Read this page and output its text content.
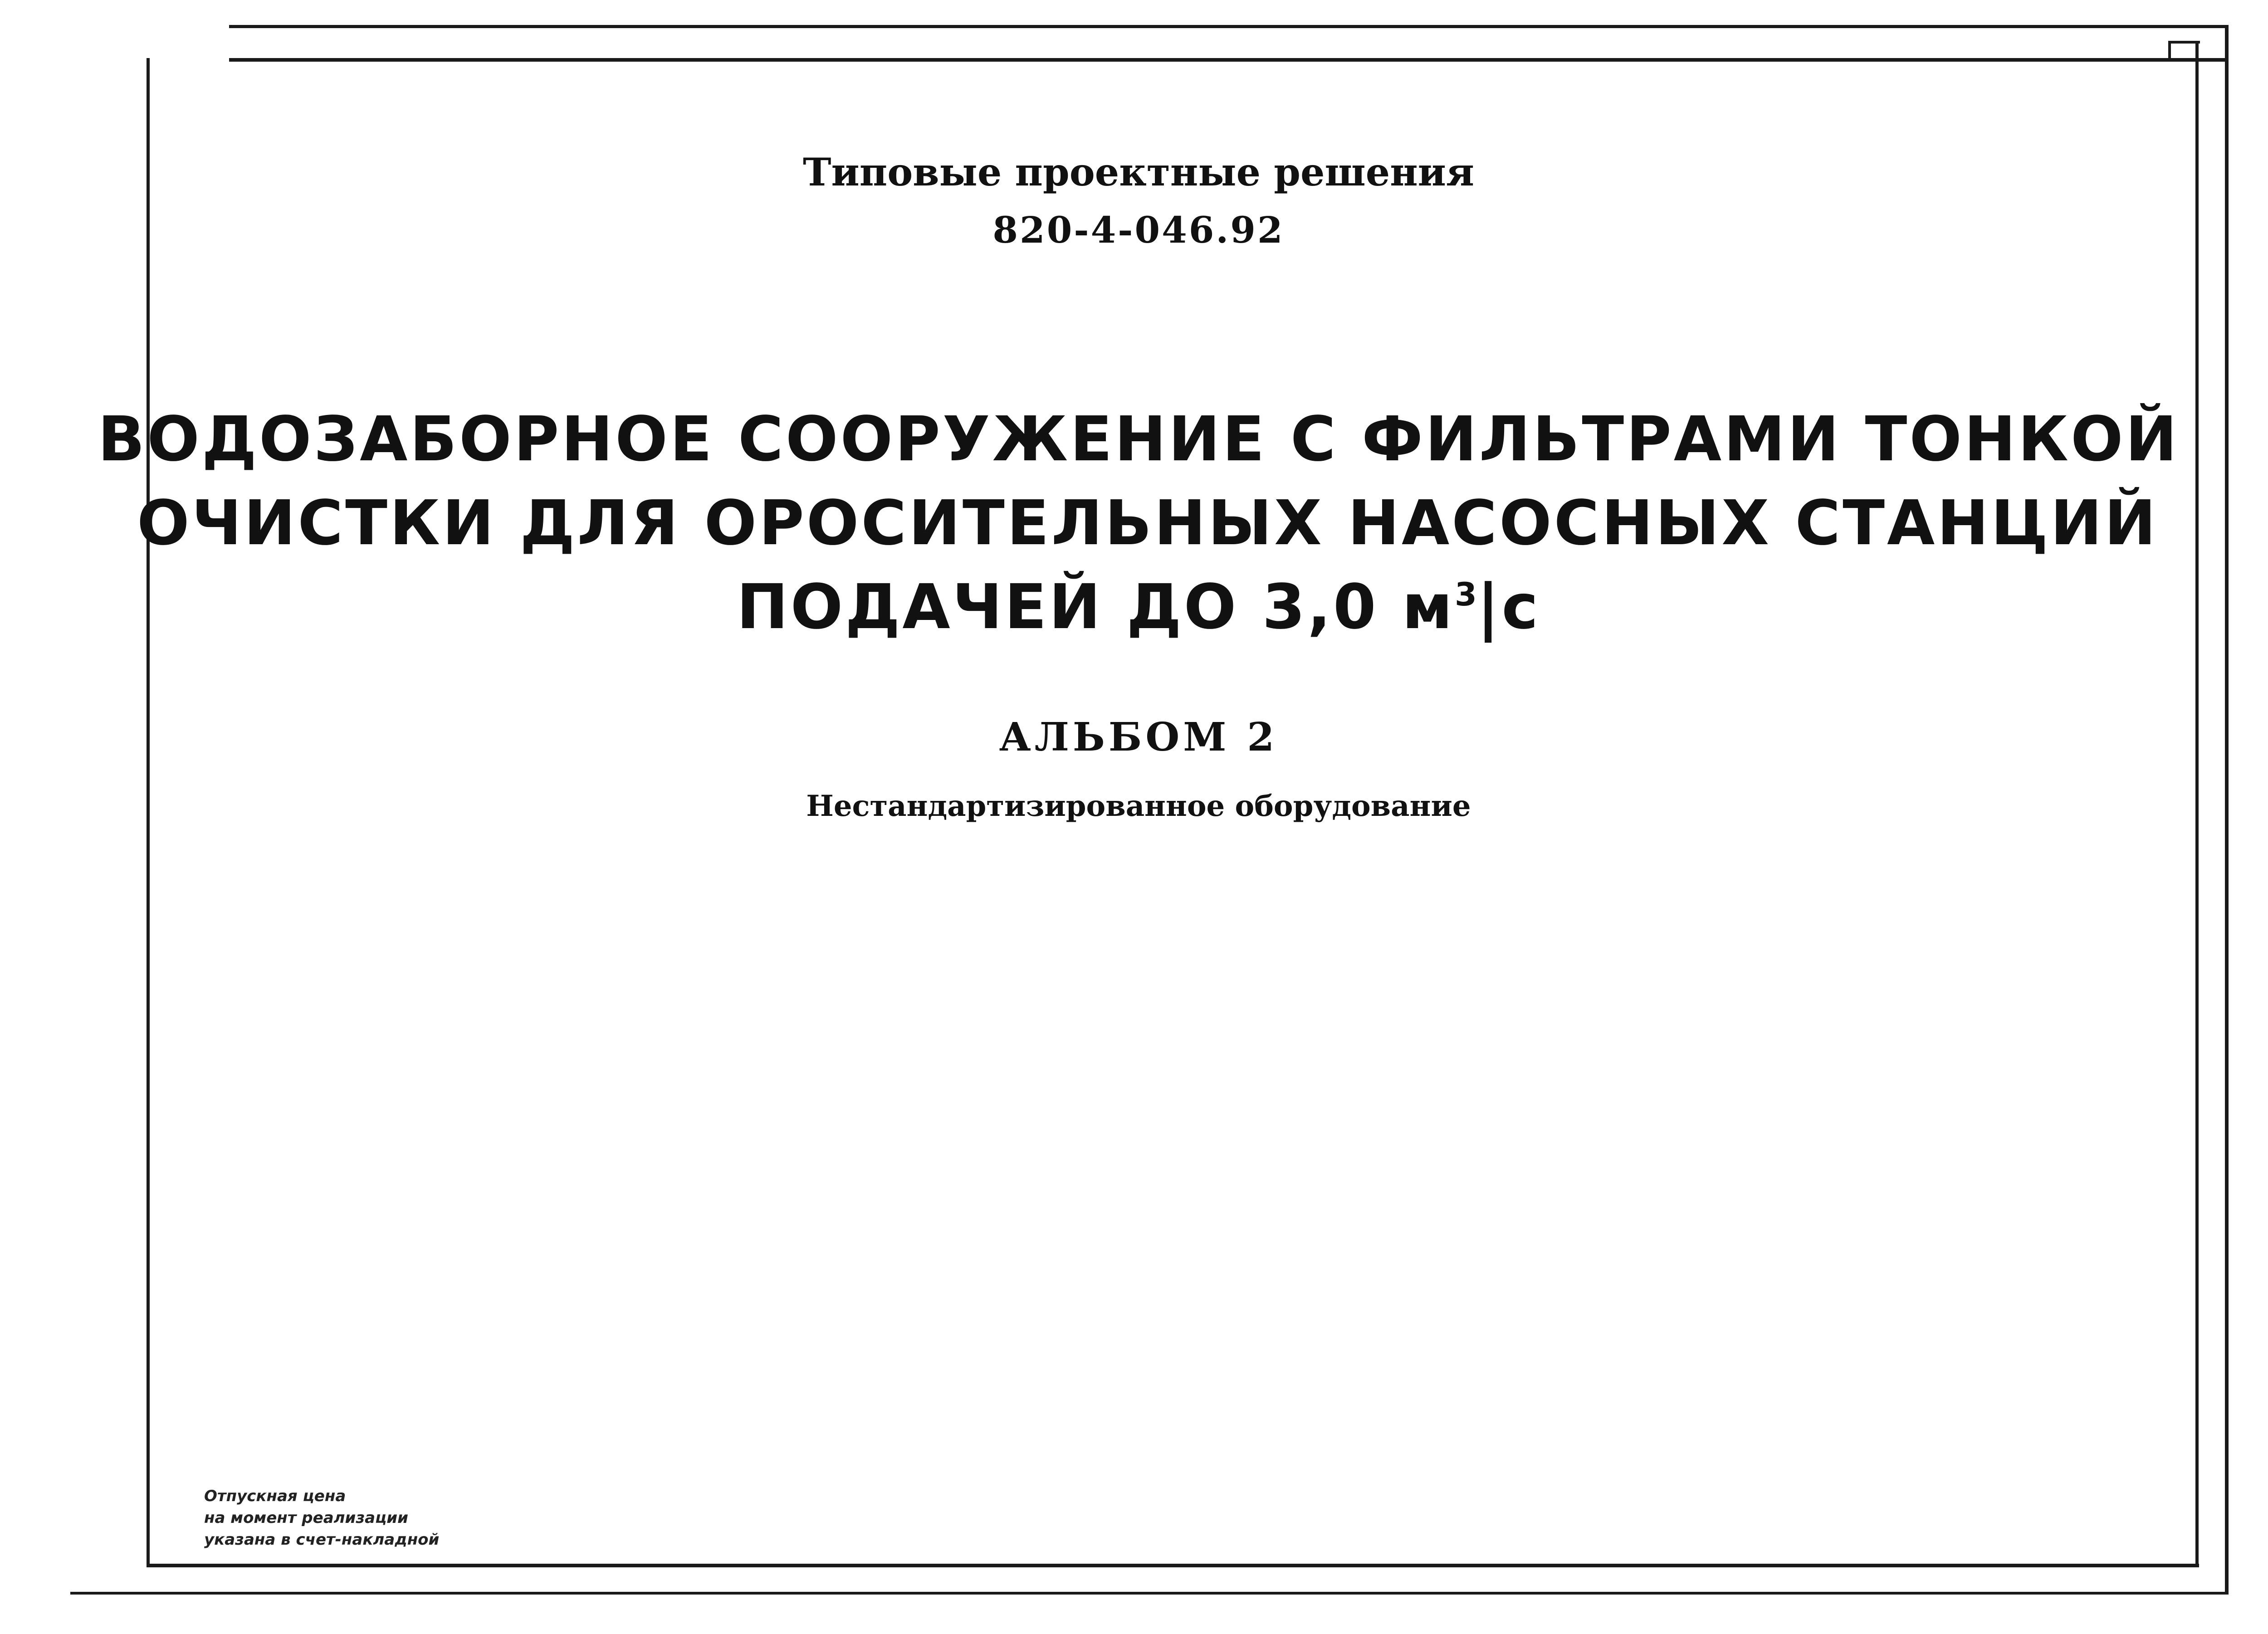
Типовые проектные решения
820-4-046.92
ВОДОЗАБОРНОЕ СООРУЖЕНИЕ С ФИЛЬТРАМИ ТОНКОЙ
ОЧИСТКИ ДЛЯ ОРОСИТЕЛЬНЫХ НАСОСНЫХ СТАНЦИЙ
ПОДАЧЕЙ ДО 3,0 $м^3|с$
АЛЬБОМ 2
Нестандартизированное оборудование
Отпускная цена
на момент реализации
указана в счет-накладной
